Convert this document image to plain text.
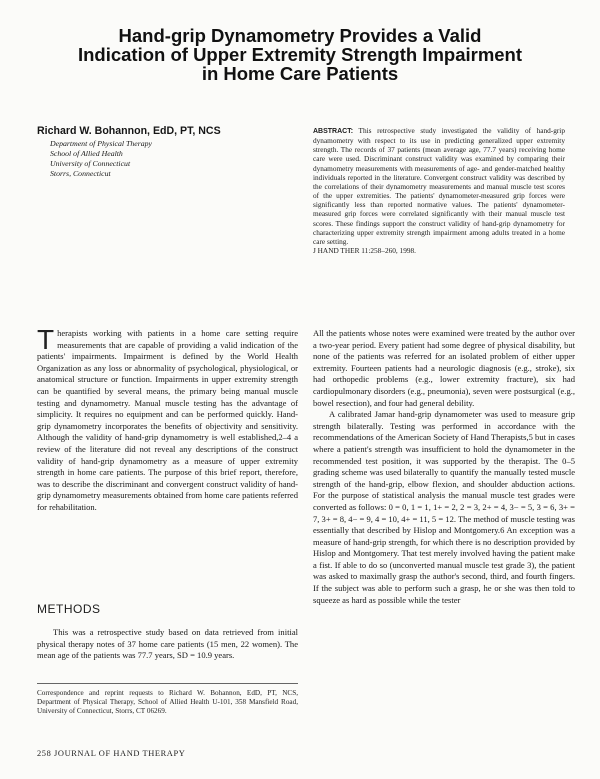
Hand-grip Dynamometry Provides a Valid
Indication of Upper Extremity Strength Impairment
in Home Care Patients
Richard W. Bohannon, EdD, PT, NCS
Department of Physical Therapy
School of Allied Health
University of Connecticut
Storrs, Connecticut
ABSTRACT: This retrospective study investigated the validity of hand-grip dynamometry with respect to its use in predicting generalized upper extremity strength. The records of 37 patients (mean average age, 77.7 years) receiving home care were used. Discriminant construct validity was examined by comparing their dynamometry measurements with measurements of age- and gender-matched healthy individuals reported in the literature. Convergent construct validity was described by the correlations of their dynamometry measurements and manual muscle test scores of the upper extremities. The patients' dynamometer-measured grip forces were significantly less than reported normative values. The patients' dynamometer-measured grip forces were correlated significantly with their manual muscle test scores. These findings support the construct validity of hand-grip dynamometry for characterizing upper extremity strength impairment among adults treated in a home care setting.
J HAND THER 11:258–260, 1998.

T herapists working with patients in a home care setting require measurements that are capable of providing a valid indication of the patients' impairments. Impairment is defined by the World Health Organization as any loss or abnormality of psychological, physiological, or anatomical structure or function. Impairments in upper extremity strength can be quantified by several means, the primary being manual muscle testing and dynamometry. Manual muscle testing has the advantage of simplicity. It requires no equipment and can be performed quickly. Hand-grip dynamometry incorporates the benefits of objectivity and sensitivity. Although the validity of hand-grip dynamometry is well established,2–4 a review of the literature did not reveal any descriptions of the construct validity of hand-grip dynamometry as a measure of upper extremity strength in home care patients. The purpose of this brief report, therefore, was to describe the discriminant and convergent construct validity of hand-grip dynamometry measurements obtained from home care patients referred for rehabilitation.

METHODS

This was a retrospective study based on data retrieved from initial physical therapy notes of 37 home care patients (15 men, 22 women). The mean age of the patients was 77.7 years, SD = 10.9 years.

Correspondence and reprint requests to Richard W. Bohannon, EdD, PT, NCS, Department of Physical Therapy, School of Allied Health U-101, 358 Mansfield Road, University of Connecticut, Storrs, CT 06269.

All the patients whose notes were examined were treated by the author over a two-year period. Every patient had some degree of physical disability, but none of the patients was referred for an isolated problem of either upper extremity. Fourteen patients had a neurologic diagnosis (e.g., stroke), six had orthopedic problems (e.g., lower extremity fracture), six had cardiopulmonary disorders (e.g., pneumonia), seven were postsurgical (e.g., bowel resection), and four had general debility.

A calibrated Jamar hand-grip dynamometer was used to measure grip strength bilaterally. Testing was performed in accordance with the recommendations of the American Society of Hand Therapists,5 but in cases where a patient's strength was insufficient to hold the dynamometer in the recommended test position, it was supported by the therapist. The 0–5 grading scheme was used bilaterally to quantify the manually tested muscle strength of the hand-grip, elbow flexion, and shoulder abduction actions. For the purpose of statistical analysis the manual muscle test grades were converted as follows: 0 = 0, 1 = 1, 1+ = 2, 2 = 3, 2+ = 4, 3− = 5, 3 = 6, 3+ = 7, 3+ = 8, 4− = 9, 4 = 10, 4+ = 11, 5 = 12. The method of muscle testing was essentially that described by Hislop and Montgomery.6 An exception was a measure of hand-grip strength, for which there is no description provided by Hislop and Montgomery. That test merely involved having the patient make a fist. If able to do so (unconverted manual muscle test grade 3), the patient was asked to maximally grasp the author's second, third, and fourth fingers. If the subject was able to perform such a grasp, he or she was then told to squeeze as hard as possible while the tester

258 JOURNAL OF HAND THERAPY
